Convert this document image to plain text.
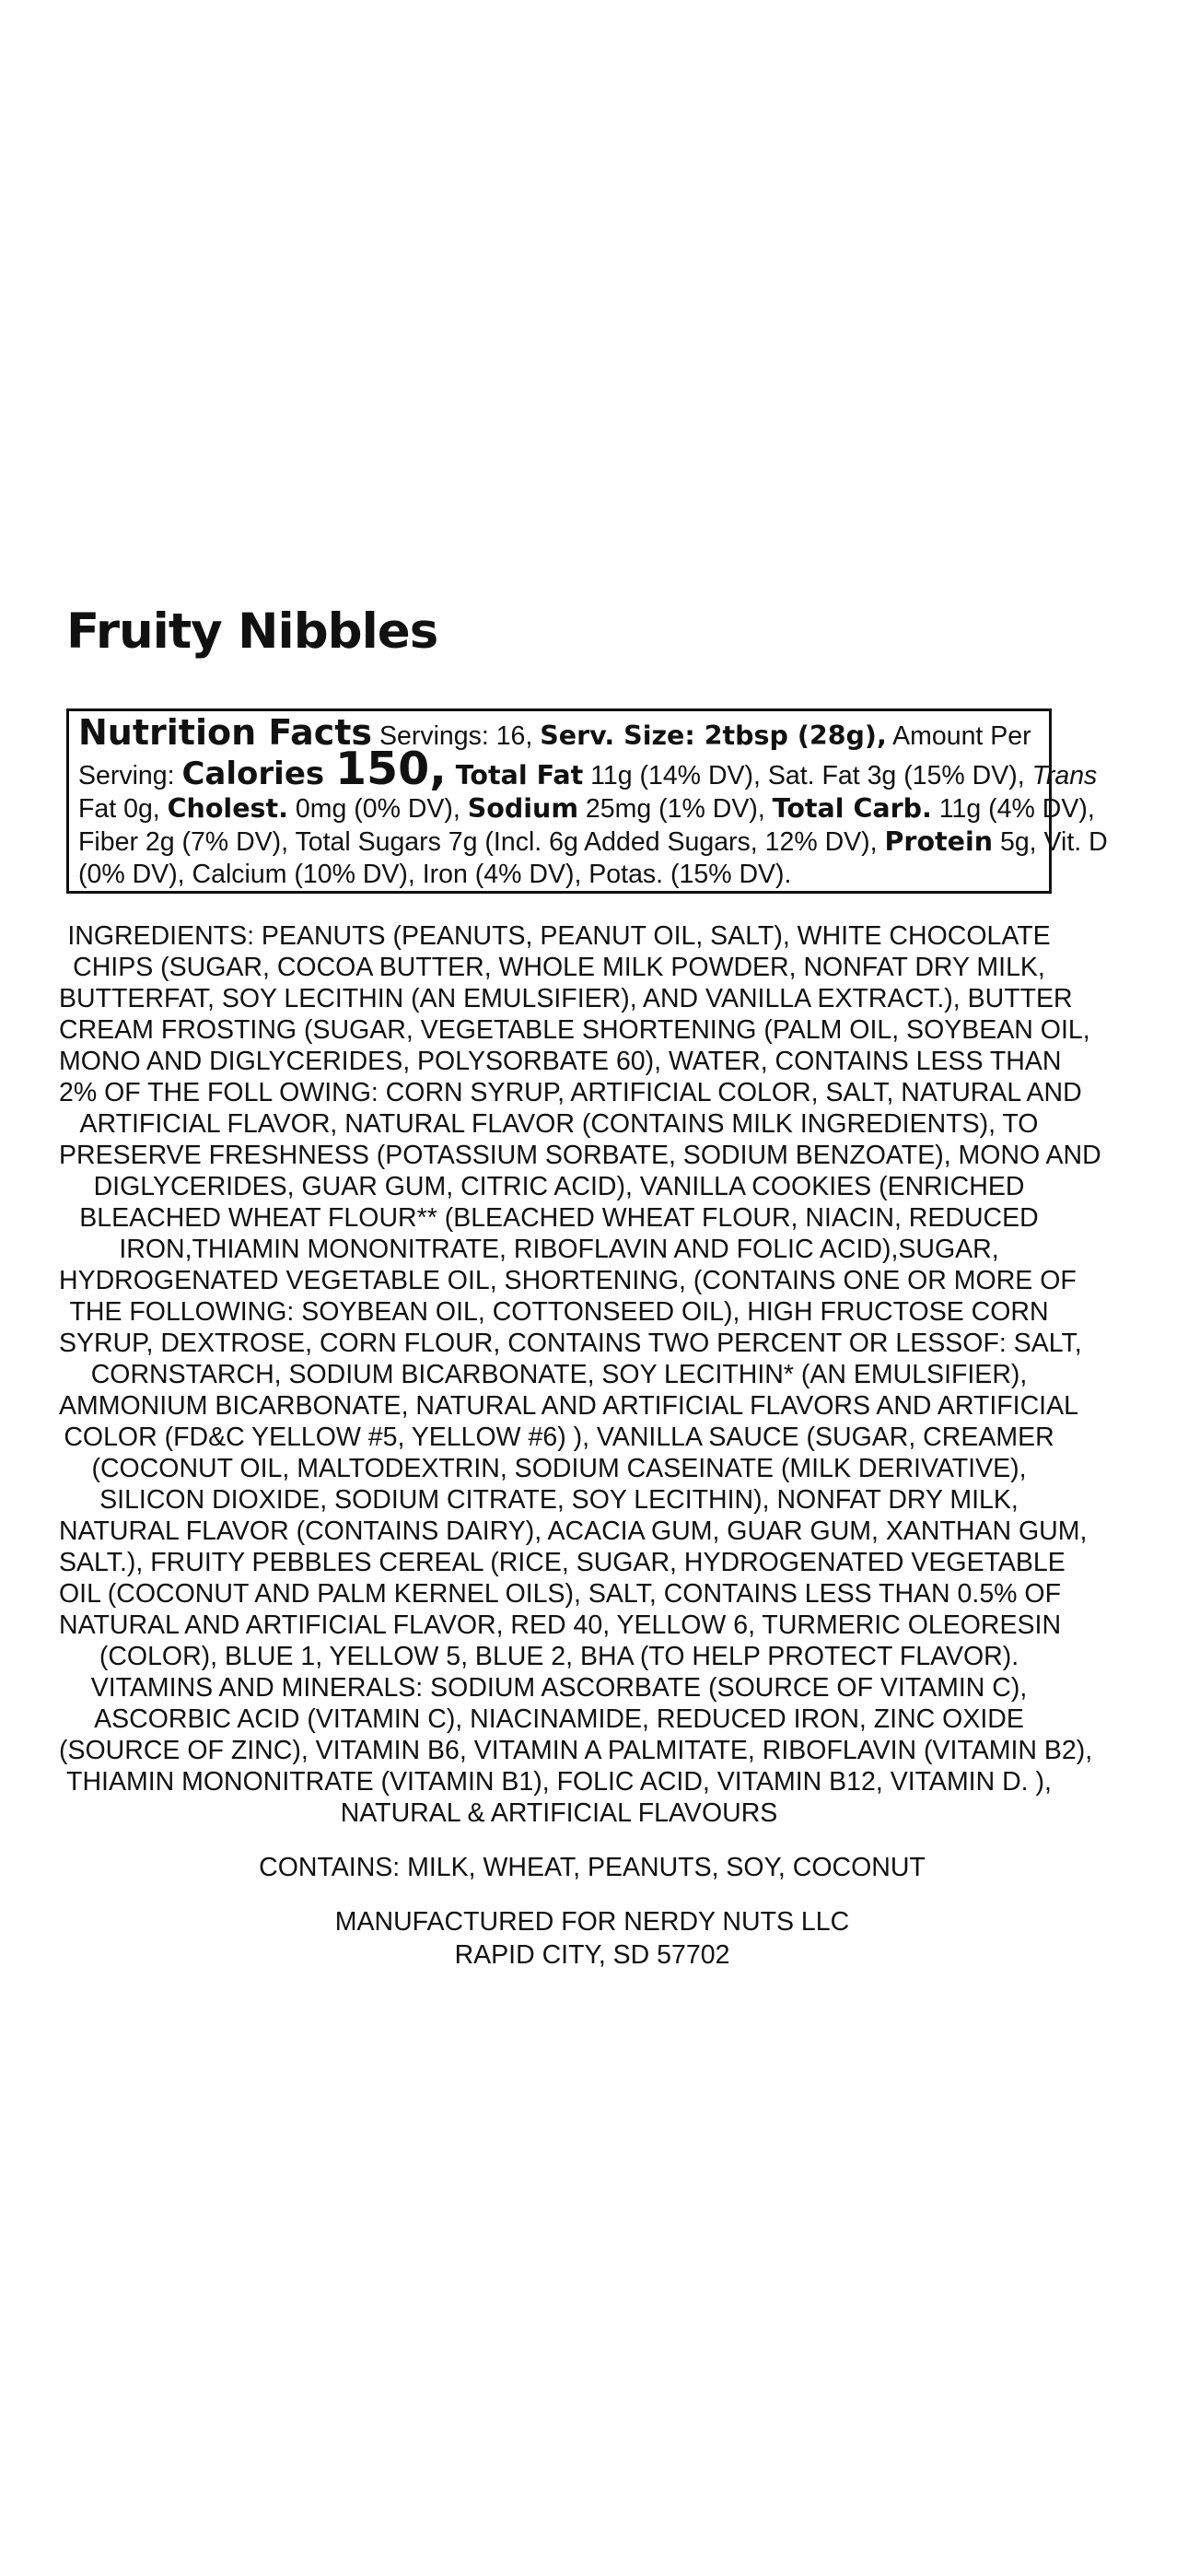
Fruity Nibbles
Nutrition Facts Servings: 16, Serv. Size: 2tbsp (28g), Amount Per
Serving: Calories 150, Total Fat 11g (14% DV), Sat. Fat 3g (15% DV), Trans
Fat 0g, Cholest. 0mg (0% DV), Sodium 25mg (1% DV), Total Carb. 11g (4% DV),
Fiber 2g (7% DV), Total Sugars 7g (Incl. 6g Added Sugars, 12% DV), Protein 5g, Vit. D
(0% DV), Calcium (10% DV), Iron (4% DV), Potas. (15% DV).

INGREDIENTS: PEANUTS (PEANUTS, PEANUT OIL, SALT), WHITE CHOCOLATE
CHIPS (SUGAR, COCOA BUTTER, WHOLE MILK POWDER, NONFAT DRY MILK,
BUTTERFAT, SOY LECITHIN (AN EMULSIFIER), AND VANILLA EXTRACT.), BUTTER
CREAM FROSTING (SUGAR, VEGETABLE SHORTENING (PALM OIL, SOYBEAN OIL,
MONO AND DIGLYCERIDES, POLYSORBATE 60), WATER, CONTAINS LESS THAN
2% OF THE FOLL OWING: CORN SYRUP, ARTIFICIAL COLOR, SALT, NATURAL AND
ARTIFICIAL FLAVOR, NATURAL FLAVOR (CONTAINS MILK INGREDIENTS), TO
PRESERVE FRESHNESS (POTASSIUM SORBATE, SODIUM BENZOATE), MONO AND
DIGLYCERIDES, GUAR GUM, CITRIC ACID), VANILLA COOKIES (ENRICHED
BLEACHED WHEAT FLOUR** (BLEACHED WHEAT FLOUR, NIACIN, REDUCED
IRON,THIAMIN MONONITRATE, RIBOFLAVIN AND FOLIC ACID),SUGAR,
HYDROGENATED VEGETABLE OIL, SHORTENING, (CONTAINS ONE OR MORE OF
THE FOLLOWING: SOYBEAN OIL, COTTONSEED OIL), HIGH FRUCTOSE CORN
SYRUP, DEXTROSE, CORN FLOUR, CONTAINS TWO PERCENT OR LESSOF: SALT,
CORNSTARCH, SODIUM BICARBONATE, SOY LECITHIN* (AN EMULSIFIER),
AMMONIUM BICARBONATE, NATURAL AND ARTIFICIAL FLAVORS AND ARTIFICIAL
COLOR (FD&C YELLOW #5, YELLOW #6) ), VANILLA SAUCE (SUGAR, CREAMER
(COCONUT OIL, MALTODEXTRIN, SODIUM CASEINATE (MILK DERIVATIVE),
SILICON DIOXIDE, SODIUM CITRATE, SOY LECITHIN), NONFAT DRY MILK,
NATURAL FLAVOR (CONTAINS DAIRY), ACACIA GUM, GUAR GUM, XANTHAN GUM,
SALT.), FRUITY PEBBLES CEREAL (RICE, SUGAR, HYDROGENATED VEGETABLE
OIL (COCONUT AND PALM KERNEL OILS), SALT, CONTAINS LESS THAN 0.5% OF
NATURAL AND ARTIFICIAL FLAVOR, RED 40, YELLOW 6, TURMERIC OLEORESIN
(COLOR), BLUE 1, YELLOW 5, BLUE 2, BHA (TO HELP PROTECT FLAVOR).
VITAMINS AND MINERALS: SODIUM ASCORBATE (SOURCE OF VITAMIN C),
ASCORBIC ACID (VITAMIN C), NIACINAMIDE, REDUCED IRON, ZINC OXIDE
(SOURCE OF ZINC), VITAMIN B6, VITAMIN A PALMITATE, RIBOFLAVIN (VITAMIN B2),
THIAMIN MONONITRATE (VITAMIN B1), FOLIC ACID, VITAMIN B12, VITAMIN D. ),
NATURAL & ARTIFICIAL FLAVOURS

CONTAINS: MILK, WHEAT, PEANUTS, SOY, COCONUT

MANUFACTURED FOR NERDY NUTS LLC
RAPID CITY, SD 57702
